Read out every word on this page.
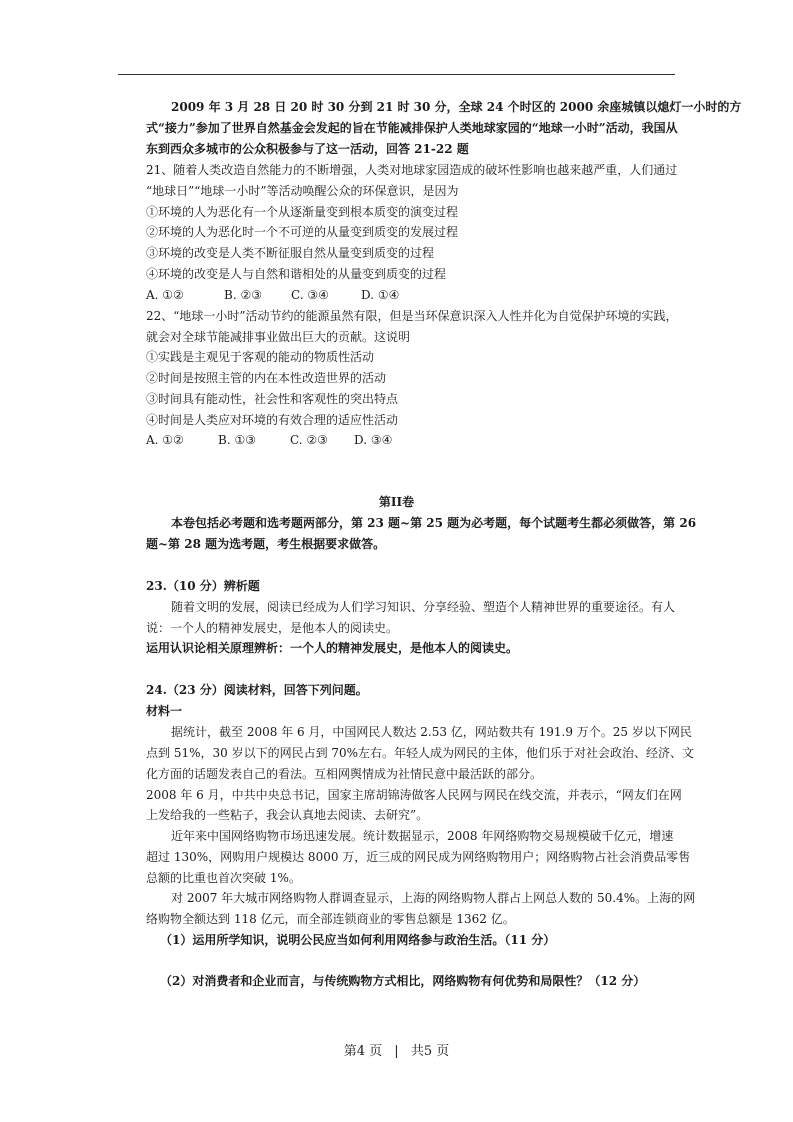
2009 年 3 月 28 日 20 时 30 分到 21 时 30 分，全球 24 个时区的 2000 余座城镇以熄灯一小时的方
式“接力”参加了世界自然基金会发起的旨在节能减排保护人类地球家园的“地球一小时”活动，我国从
东到西众多城市的公众积极参与了这一活动，回答 21-22 题
21、随着人类改造自然能力的不断增强，人类对地球家园造成的破坏性影响也越来越严重，人们通过
“地球日”“地球一小时”等活动唤醒公众的环保意识，是因为
①环境的人为恶化有一个从逐渐量变到根本质变的演变过程
②环境的人为恶化时一个不可逆的从量变到质变的发展过程
③环境的改变是人类不断征服自然从量变到质变的过程
④环境的改变是人与自然和谐相处的从量变到质变的过程
A. ①②	B. ②③ C. ③④	D. ①④
22、“地球一小时”活动节约的能源虽然有限，但是当环保意识深入人性并化为自觉保护环境的实践，
就会对全球节能减排事业做出巨大的贡献。这说明
①实践是主观见于客观的能动的物质性活动
②时间是按照主管的内在本性改造世界的活动
③时间具有能动性，社会性和客观性的突出特点
④时间是人类应对环境的有效合理的适应性活动
A. ①②	B. ①③	C. ②③ D. ③④
第II卷
本卷包括必考题和选考题两部分，第 23 题~第 25 题为必考题，每个试题考生都必须做答，第 26
题~第 28 题为选考题，考生根据要求做答。
23.（10 分）辨析题
随着文明的发展，阅读已经成为人们学习知识、分享经验、塑造个人精神世界的重要途径。有人
说：一个人的精神发展史，是他本人的阅读史。
运用认识论相关原理辨析：一个人的精神发展史，是他本人的阅读史。
24.（23 分）阅读材料，回答下列问题。
材料一
据统计，截至 2008 年 6 月，中国网民人数达 2.53 亿，网站数共有 191.9 万个。25 岁以下网民
点到 51%，30 岁以下的网民占到 70%左右。年轻人成为网民的主体，他们乐于对社会政治、经济、文
化方面的话题发表自己的看法。互相网舆情成为社情民意中最活跃的部分。
2008 年 6 月，中共中央总书记，国家主席胡锦涛做客人民网与网民在线交流，并表示，“网友们在网
上发给我的一些粘子，我会认真地去阅读、去研究”。
近年来中国网络购物市场迅速发展。统计数据显示，2008 年网络购物交易规模破千亿元，增速
超过 130%，网购用户规模达 8000 万，近三成的网民成为网络购物用户；网络购物占社会消费品零售
总额的比重也首次突破 1%。
对 2007 年大城市网络购物人群调查显示，上海的网络购物人群占上网总人数的 50.4%。上海的网
络购物全额达到 118 亿元，而全部连锁商业的零售总额是 1362 亿。
（1）运用所学知识，说明公民应当如何利用网络参与政治生活。（11 分）
（2）对消费者和企业而言，与传统购物方式相比，网络购物有何优势和局限性？（12 分）
第4 页 | 共5 页
